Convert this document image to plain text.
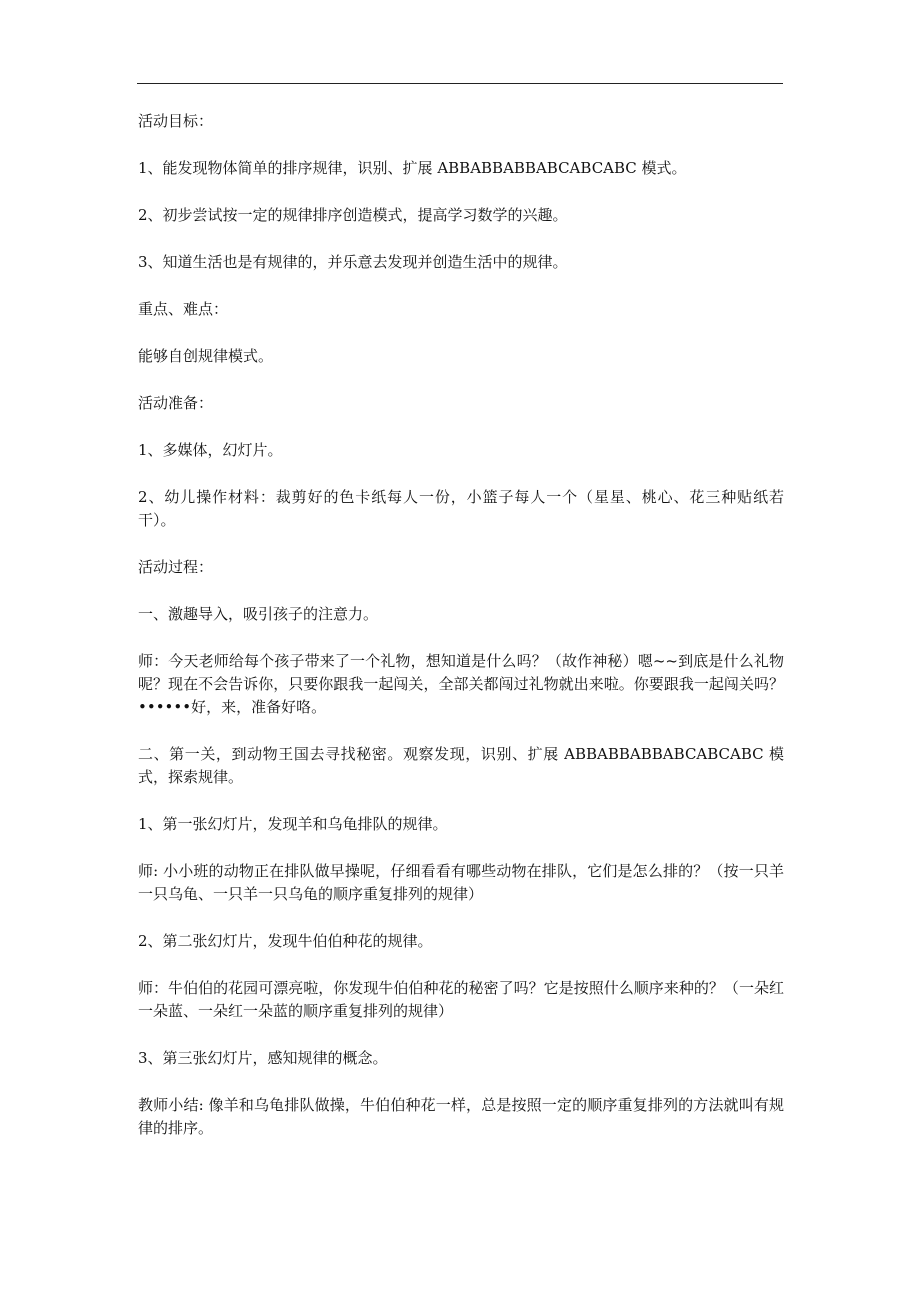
活动目标：

1、能发现物体简单的排序规律，识别、扩展 ABBABBABBABCABCABC 模式。

2、初步尝试按一定的规律排序创造模式，提高学习数学的兴趣。

3、知道生活也是有规律的，并乐意去发现并创造生活中的规律。

重点、难点：

能够自创规律模式。

活动准备：

1、多媒体，幻灯片。

2、幼儿操作材料：裁剪好的色卡纸每人一份，小篮子每人一个（星星、桃心、花三种贴纸若干）。

活动过程：

一、激趣导入，吸引孩子的注意力。

师：今天老师给每个孩子带来了一个礼物，想知道是什么吗？（故作神秘）嗯~~到底是什么礼物呢？现在不会告诉你，只要你跟我一起闯关，全部关都闯过礼物就出来啦。你要跟我一起闯关吗？••••••好，来，准备好咯。

二、第一关，到动物王国去寻找秘密。观察发现，识别、扩展 ABBABBABBABCABCABC 模式，探索规律。

1、第一张幻灯片，发现羊和乌龟排队的规律。

师: 小小班的动物正在排队做早操呢，仔细看看有哪些动物在排队，它们是怎么排的？（按一只羊一只乌龟、一只羊一只乌龟的顺序重复排列的规律）

2、第二张幻灯片，发现牛伯伯种花的规律。

师：牛伯伯的花园可漂亮啦，你发现牛伯伯种花的秘密了吗？它是按照什么顺序来种的？（一朵红一朵蓝、一朵红一朵蓝的顺序重复排列的规律）

3、第三张幻灯片，感知规律的概念。

教师小结: 像羊和乌龟排队做操，牛伯伯种花一样，总是按照一定的顺序重复排列的方法就叫有规律的排序。
